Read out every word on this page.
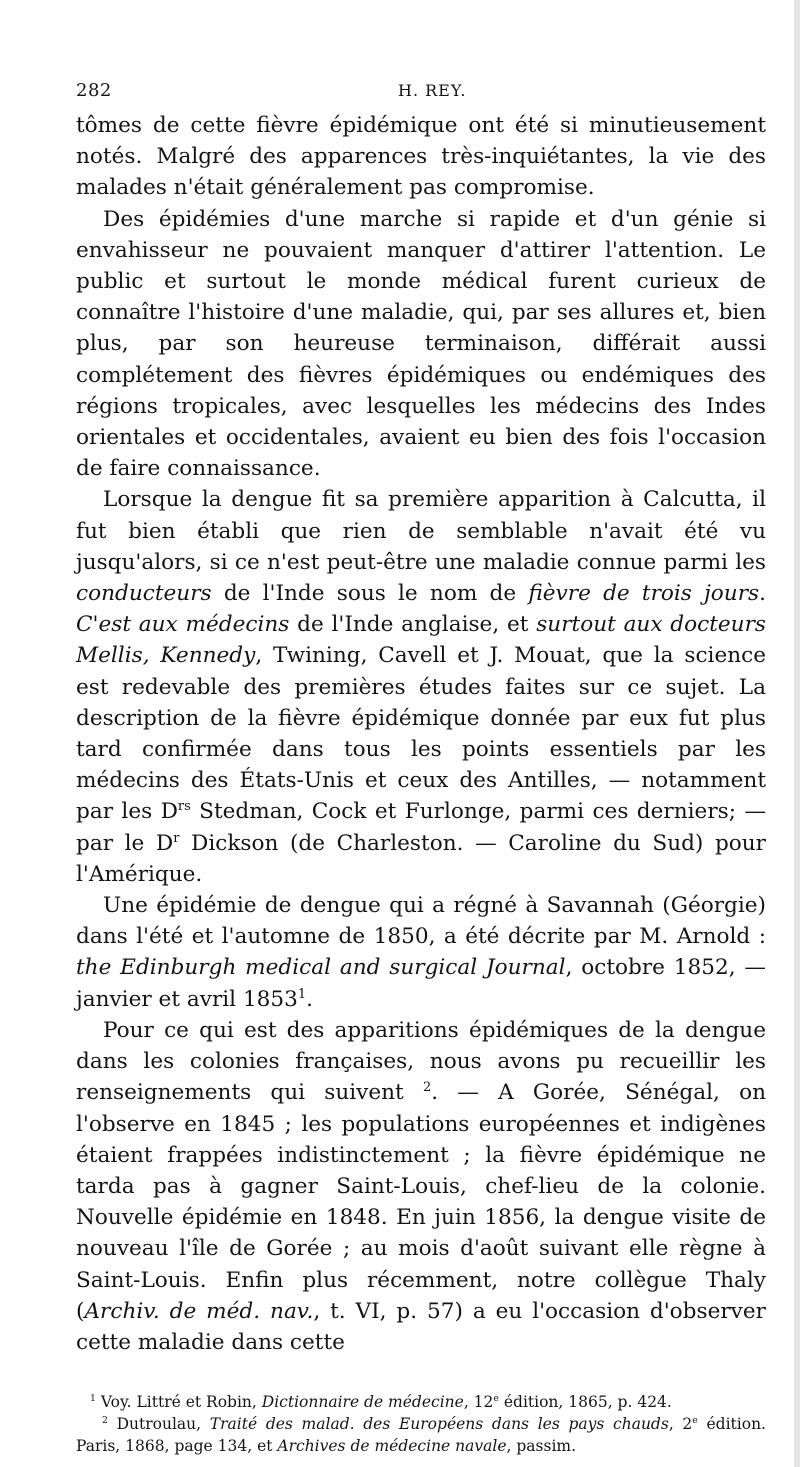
282	H. REY.

tômes de cette fièvre épidémique ont été si minutieusement notés. Malgré des apparences très-inquiétantes, la vie des malades n'était généralement pas compromise.

Des épidémies d'une marche si rapide et d'un génie si envahisseur ne pouvaient manquer d'attirer l'attention. Le public et surtout le monde médical furent curieux de connaître l'histoire d'une maladie, qui, par ses allures et, bien plus, par son heureuse terminaison, différait aussi complétement des fièvres épidémiques ou endémiques des régions tropicales, avec lesquelles les médecins des Indes orientales et occidentales, avaient eu bien des fois l'occasion de faire connaissance.

Lorsque la dengue fit sa première apparition à Calcutta, il fut bien établi que rien de semblable n'avait été vu jusqu'alors, si ce n'est peut-être une maladie connue parmi les conducteurs de l'Inde sous le nom de fièvre de trois jours. C'est aux médecins de l'Inde anglaise, et surtout aux docteurs Mellis, Kennedy, Twining, Cavell et J. Mouat, que la science est redevable des premières études faites sur ce sujet. La description de la fièvre épidémique donnée par eux fut plus tard confirmée dans tous les points essentiels par les médecins des États-Unis et ceux des Antilles, — notamment par les $D^{rs}$ Stedman, Cock et Furlonge, parmi ces derniers; — par le $D^r$ Dickson (de Charleston. — Caroline du Sud) pour l'Amérique.

Une épidémie de dengue qui a régné à Savannah (Géorgie) dans l'été et l'automne de 1850, a été décrite par M. Arnold : the Edinburgh medical and surgical Journal, octobre 1852, — janvier et avril 1853$^1$.

Pour ce qui est des apparitions épidémiques de la dengue dans les colonies françaises, nous avons pu recueillir les renseignements qui suivent $^2$. — A Gorée, Sénégal, on l'observe en 1845 ; les populations européennes et indigènes étaient frappées indistinctement ; la fièvre épidémique ne tarda pas à gagner Saint-Louis, chef-lieu de la colonie. Nouvelle épidémie en 1848. En juin 1856, la dengue visite de nouveau l'île de Gorée ; au mois d'août suivant elle règne à Saint-Louis. Enfin plus récemment, notre collègue Thaly (Archiv. de méd. nav., t. VI, p. 57) a eu l'occasion d'observer cette maladie dans cette

$^1$ Voy. Littré et Robin, Dictionnaire de médecine, 12e édition, 1865, p. 424.

$^2$ Dutroulau, Traité des malad. des Européens dans les pays chauds, 2e édition. Paris, 1868, page 134, et Archives de médecine navale, passim.
